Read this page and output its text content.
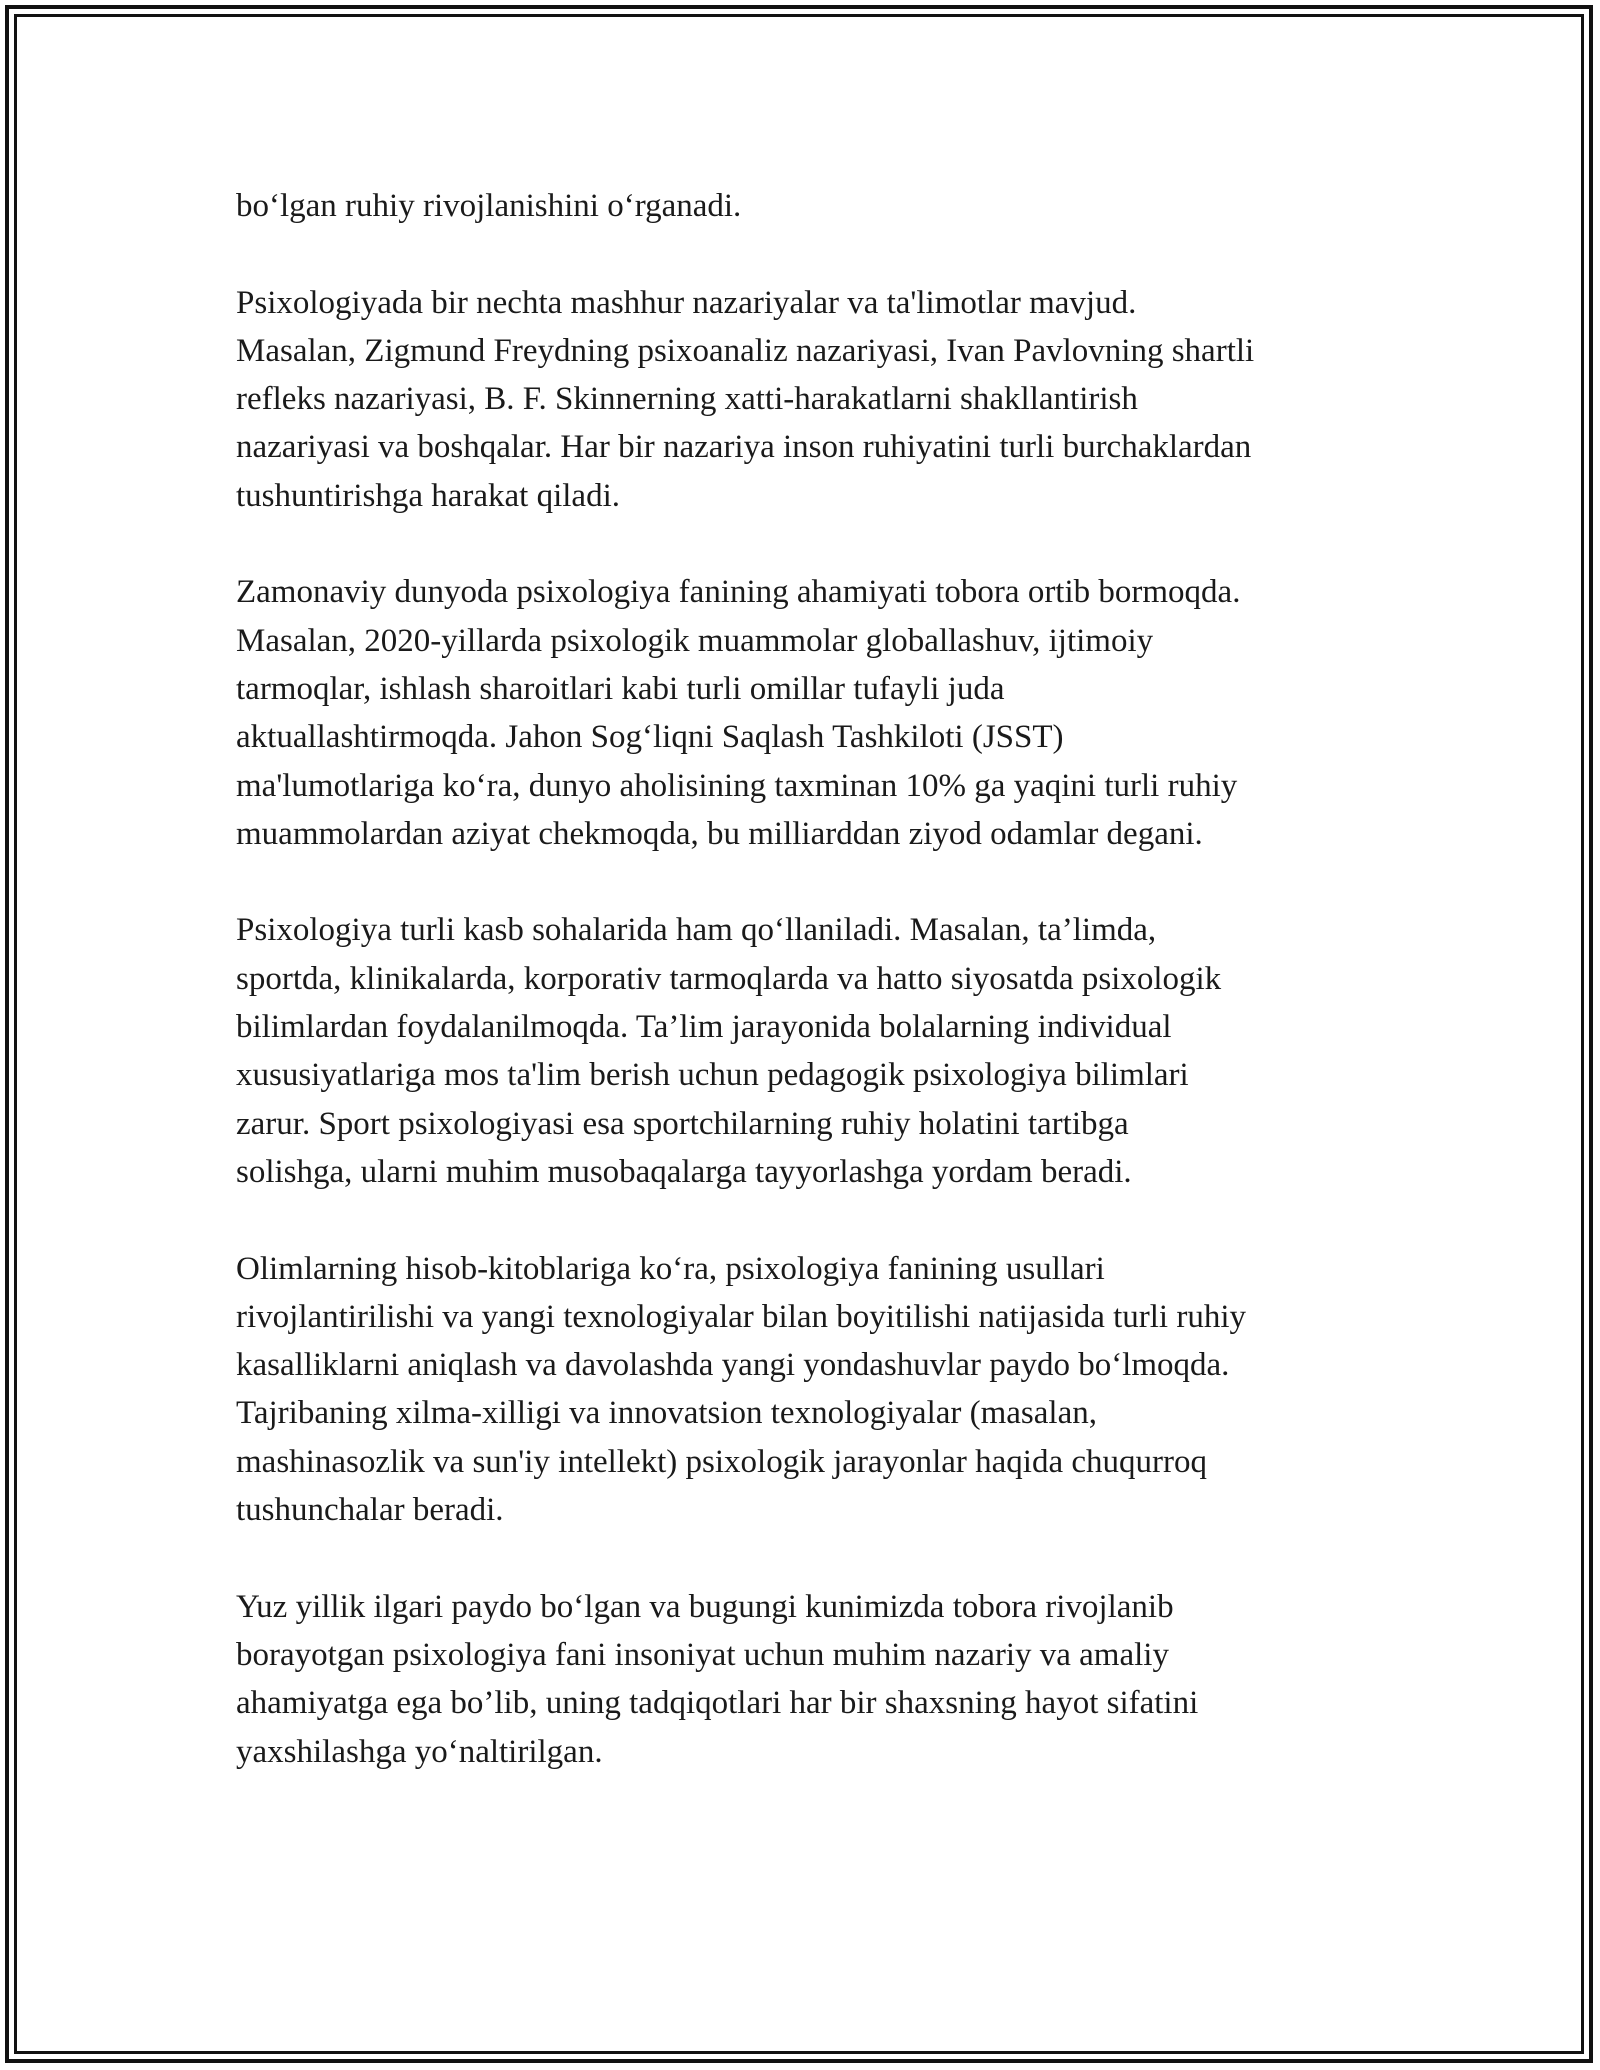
bo‘lgan ruhiy rivojlanishini o‘rganadi.

Psixologiyada bir nechta mashhur nazariyalar va ta'limotlar mavjud.
Masalan, Zigmund Freydning psixoanaliz nazariyasi, Ivan Pavlovning shartli
refleks nazariyasi, B. F. Skinnerning xatti-harakatlarni shakllantirish
nazariyasi va boshqalar. Har bir nazariya inson ruhiyatini turli burchaklardan
tushuntirishga harakat qiladi.

Zamonaviy dunyoda psixologiya fanining ahamiyati tobora ortib bormoqda.
Masalan, 2020-yillarda psixologik muammolar globallashuv, ijtimoiy
tarmoqlar, ishlash sharoitlari kabi turli omillar tufayli juda
aktuallashtirmoqda. Jahon Sog‘liqni Saqlash Tashkiloti (JSST)
ma'lumotlariga ko‘ra, dunyo aholisining taxminan 10% ga yaqini turli ruhiy
muammolardan aziyat chekmoqda, bu milliarddan ziyod odamlar degani.

Psixologiya turli kasb sohalarida ham qo‘llaniladi. Masalan, ta’limda,
sportda, klinikalarda, korporativ tarmoqlarda va hatto siyosatda psixologik
bilimlardan foydalanilmoqda. Ta’lim jarayonida bolalarning individual
xususiyatlariga mos ta'lim berish uchun pedagogik psixologiya bilimlari
zarur. Sport psixologiyasi esa sportchilarning ruhiy holatini tartibga
solishga, ularni muhim musobaqalarga tayyorlashga yordam beradi.

Olimlarning hisob-kitoblariga ko‘ra, psixologiya fanining usullari
rivojlantirilishi va yangi texnologiyalar bilan boyitilishi natijasida turli ruhiy
kasalliklarni aniqlash va davolashda yangi yondashuvlar paydo bo‘lmoqda.
Tajribaning xilma-xilligi va innovatsion texnologiyalar (masalan,
mashinasozlik va sun'iy intellekt) psixologik jarayonlar haqida chuqurroq
tushunchalar beradi.

Yuz yillik ilgari paydo bo‘lgan va bugungi kunimizda tobora rivojlanib
borayotgan psixologiya fani insoniyat uchun muhim nazariy va amaliy
ahamiyatga ega bo’lib, uning tadqiqotlari har bir shaxsning hayot sifatini
yaxshilashga yo‘naltirilgan.
